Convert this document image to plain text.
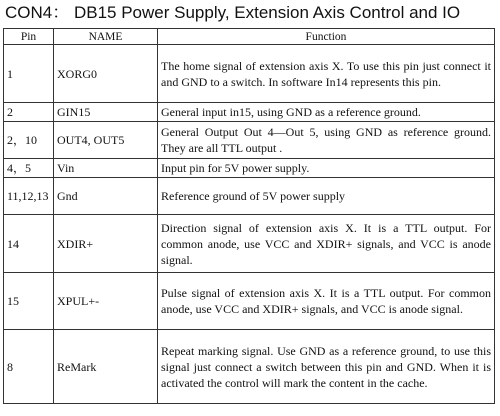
CON4： DB15 Power Supply, Extension Axis Control and IO
Pin	NAME	Function
1	XORG0	The home signal of extension axis X. To use this pin just connect it and GND to a switch. In software In14 represents this pin.
2	GIN15	General input in15, using GND as a reference ground.
2，10	OUT4, OUT5	General Output Out 4—Out 5, using GND as reference ground. They are all TTL output .
4，5	Vin	Input pin for 5V power supply.
11,12,13	Gnd	Reference ground of 5V power supply
14	XDIR+	Direction signal of extension axis X. It is a TTL output. For common anode, use VCC and XDIR+ signals, and VCC is anode signal.
15	XPUL+-	Pulse signal of extension axis X. It is a TTL output. For common anode, use VCC and XDIR+ signals, and VCC is anode signal.
8	ReMark	Repeat marking signal. Use GND as a reference ground, to use this signal just connect a switch between this pin and GND. When it is activated the control will mark the content in the cache.
